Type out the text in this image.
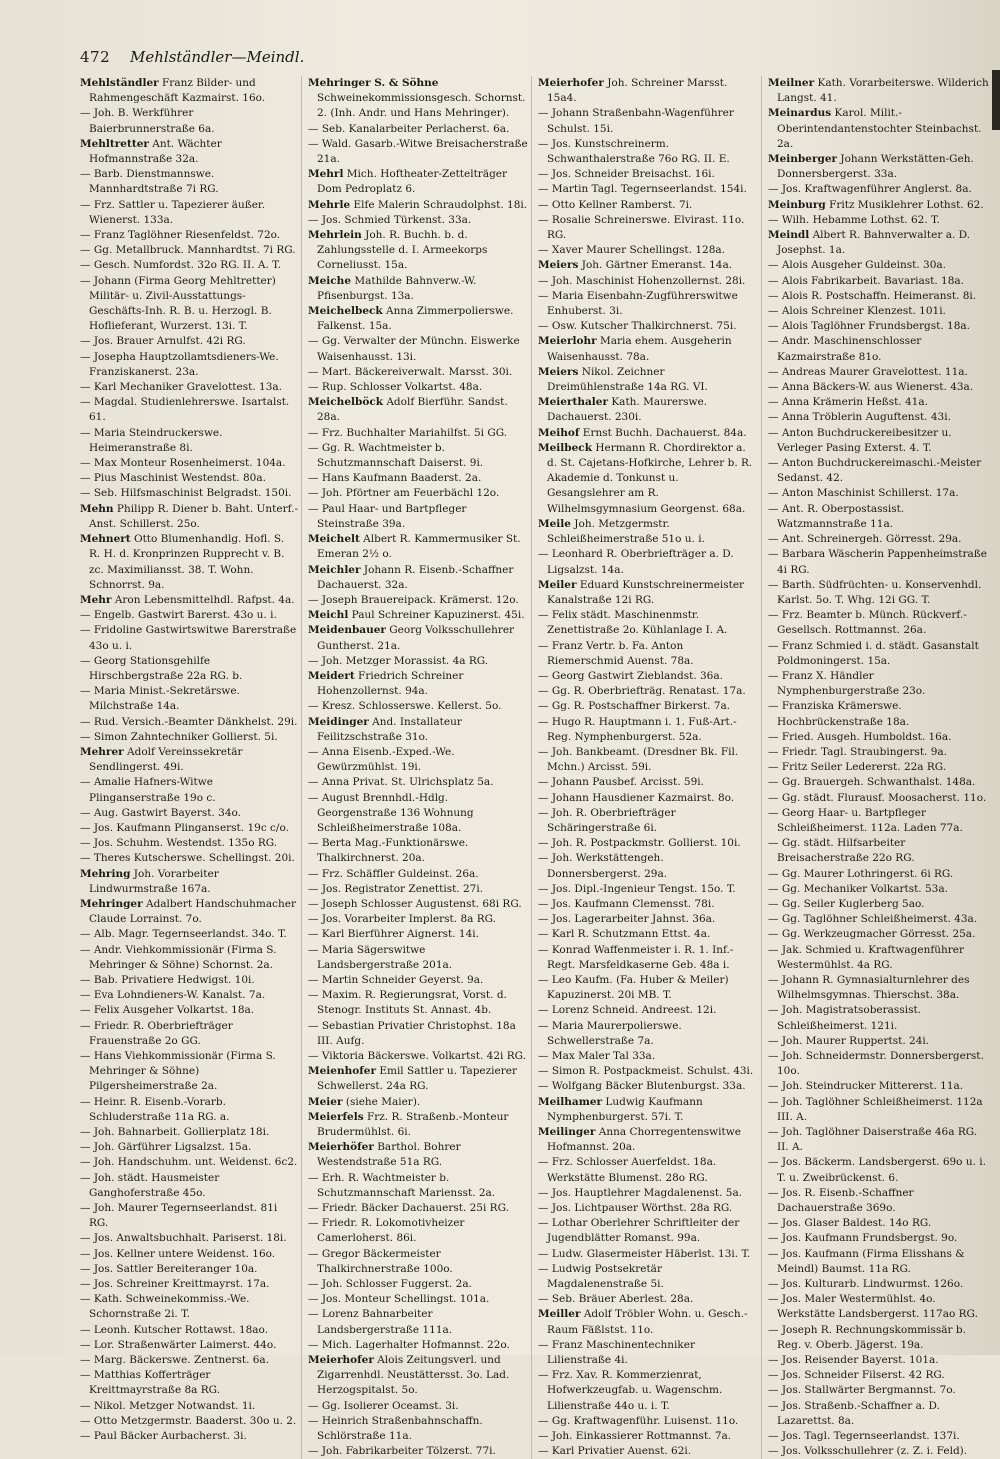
472 Mehlständler—Meindl.

Mehlständler Franz Bilder- und Rahmengeschäft Kazmairst. 16o.

— Joh. B. Werkführer Baierbrunnerstraße 6a.

Mehltretter Ant. Wächter Hofmannstraße 32a.

— Barb. Dienstmannswe. Mannhardtstraße 7i RG.

— Frz. Sattler u. Tapezierer äußer. Wienerst. 133a.

— Franz Taglöhner Riesenfeldst. 72o.

— Gg. Metallbruck. Mannhardtst. 7i RG.

— Gesch. Numfordst. 32o RG. II. A. T.

— Johann (Firma Georg Mehltretter) Militär- u. Zivil-Ausstattungs-Geschäfts-Inh. R. B. u. Herzogl. B. Hoflieferant, Wurzerst. 13i. T.

— Jos. Brauer Arnulfst. 42i RG.

— Josepha Hauptzollamtsdieners-We. Franziskanerst. 23a.

— Karl Mechaniker Gravelottest. 13a.

— Magdal. Studienlehrerswe. Isartalst. 61.

— Maria Steindruckerswe. Heimeranstraße 8i.

— Max Monteur Rosenheimerst. 104a.

— Pius Maschinist Westendst. 80a.

— Seb. Hilfsmaschinist Belgradst. 150i.

Mehn Philipp R. Diener b. Baht. Unterf.-Anst. Schillerst. 25o.

Mehnert Otto Blumenhandlg. Hofl. S. R. H. d. Kronprinzen Rupprecht v. B. zc. Maximiliansst. 38. T. Wohn. Schnorrst. 9a.

Mehr Aron Lebensmittelhdl. Rafpst. 4a.

— Engelb. Gastwirt Barerst. 43o u. i.

— Fridoline Gastwirtswitwe Barerstraße 43o u. i.

— Georg Stationsgehilfe Hirschbergstraße 22a RG. b.

— Maria Minist.-Sekretärswe. Milchstraße 14a.

— Rud. Versich.-Beamter Dänkhelst. 29i.

— Simon Zahntechniker Gollierst. 5i.

Mehrer Adolf Vereinssekretär Sendlingerst. 49i.

— Amalie Hafners-Witwe Plinganserstraße 19o c.

— Aug. Gastwirt Bayerst. 34o.

— Jos. Kaufmann Plinganserst. 19c c/o.

— Jos. Schuhm. Westendst. 135o RG.

— Theres Kutscherswe. Schellingst. 20i.

Mehring Joh. Vorarbeiter Lindwurmstraße 167a.

Mehringer Adalbert Handschuhmacher Claude Lorrainst. 7o.

— Alb. Magr. Tegernseerlandst. 34o. T.

— Andr. Viehkommissionär (Firma S. Mehringer & Söhne) Schornst. 2a.

— Bab. Privatiere Hedwigst. 10i.

— Eva Lohndieners-W. Kanalst. 7a.

— Felix Ausgeher Volkartst. 18a.

— Friedr. R. Oberbriefträger Frauenstraße 2o GG.

— Hans Viehkommissionär (Firma S. Mehringer & Söhne) Pilgersheimerstraße 2a.

— Heinr. R. Eisenb.-Vorarb. Schluderstraße 11a RG. a.

— Joh. Bahnarbeit. Gollierplatz 18i.

— Joh. Gärführer Ligsalzst. 15a.

— Joh. Handschuhm. unt. Weidenst. 6c2.

— Joh. städt. Hausmeister Ganghoferstraße 45o.

— Joh. Maurer Tegernseerlandst. 81i RG.

— Jos. Anwaltsbuchhalt. Pariserst. 18i.

— Jos. Kellner untere Weidenst. 16o.

— Jos. Sattler Bereiteranger 10a.

— Jos. Schreiner Kreittmayrst. 17a.

— Kath. Schweinekommiss.-We. Schornstraße 2i. T.

— Leonh. Kutscher Rottawst. 18ao.

— Lor. Straßenwärter Laimerst. 44o.

— Marg. Bäckerswe. Zentnerst. 6a.

— Matthias Kofferträger Kreittmayrstraße 8a RG.

— Nikol. Metzger Notwandst. 1i.

— Otto Metzgermstr. Baaderst. 30o u. 2.

— Paul Bäcker Aurbacherst. 3i.

Mehringer S. & Söhne Schweinekommissionsgesch. Schornst. 2. (Inh. Andr. und Hans Mehringer).

— Seb. Kanalarbeiter Perlacherst. 6a.

— Wald. Gasarb.-Witwe Breisacherstraße 21a.

Mehrl Mich. Hoftheater-Zettelträger Dom Pedroplatz 6.

Mehrle Elfe Malerin Schraudolphst. 18i.

— Jos. Schmied Türkenst. 33a.

Mehrlein Joh. R. Buchh. b. d. Zahlungsstelle d. I. Armeekorps Corneliusst. 15a.

Meiche Mathilde Bahnverw.-W. Pfisenburgst. 13a.

Meichelbeck Anna Zimmerpolierswe. Falkenst. 15a.

— Gg. Verwalter der Münchn. Eiswerke Waisenhausst. 13i.

— Mart. Bäckereiverwalt. Marsst. 30i.

— Rup. Schlosser Volkartst. 48a.

Meichelböck Adolf Bierführ. Sandst. 28a.

— Frz. Buchhalter Mariahilfst. 5i GG.

— Gg. R. Wachtmeister b. Schutzmannschaft Daiserst. 9i.

— Hans Kaufmann Baaderst. 2a.

— Joh. Pförtner am Feuerbächl 12o.

— Paul Haar- und Bartpfleger Steinstraße 39a.

Meichelt Albert R. Kammermusiker St. Emeran 2½ o.

Meichler Johann R. Eisenb.-Schaffner Dachauerst. 32a.

— Joseph Brauereipack. Krämerst. 12o.

Meichl Paul Schreiner Kapuzinerst. 45i.

Meidenbauer Georg Volksschullehrer Guntherst. 21a.

— Joh. Metzger Morassist. 4a RG.

Meidert Friedrich Schreiner Hohenzollernst. 94a.

— Kresz. Schlosserswe. Kellerst. 5o.

Meidinger And. Installateur Feilitzschstraße 31o.

— Anna Eisenb.-Exped.-We. Gewürzmühlst. 19i.

— Anna Privat. St. Ulrichsplatz 5a.

— August Brennhdl.-Hdlg. Georgenstraße 136 Wohnung Schleißheimerstraße 108a.

— Berta Mag.-Funktionärswe. Thalkirchnerst. 20a.

— Frz. Schäffler Guldeinst. 26a.

— Jos. Registrator Zenettist. 27i.

— Joseph Schlosser Augustenst. 68i RG.

— Jos. Vorarbeiter Implerst. 8a RG.

— Karl Bierführer Aignerst. 14i.

— Maria Sägerswitwe Landsbergerstraße 201a.

— Martin Schneider Geyerst. 9a.

— Maxim. R. Regierungsrat, Vorst. d. Stenogr. Instituts St. Annast. 4b.

— Sebastian Privatier Christophst. 18a III. Aufg.

— Viktoria Bäckerswe. Volkartst. 42i RG.

Meienhofer Emil Sattler u. Tapezierer Schwellerst. 24a RG.

Meier (siehe Maier).

Meierfels Frz. R. Straßenb.-Monteur Brudermühlst. 6i.

Meierhöfer Barthol. Bohrer Westendstraße 51a RG.

— Erh. R. Wachtmeister b. Schutzmannschaft Mariensst. 2a.

— Friedr. Bäcker Dachauerst. 25i RG.

— Friedr. R. Lokomotivheizer Camerloherst. 86i.

— Gregor Bäckermeister Thalkirchnerstraße 100o.

— Joh. Schlosser Fuggerst. 2a.

— Jos. Monteur Schellingst. 101a.

— Lorenz Bahnarbeiter Landsbergerstraße 111a.

— Mich. Lagerhalter Hofmannst. 22o.

Meierhofer Alois Zeitungsverl. und Zigarrenhdl. Neustättersst. 3o. Lad. Herzogspitalst. 5o.

— Gg. Isolierer Oceamst. 3i.

— Heinrich Straßenbahnschaffn. Schlörstraße 11a.

— Joh. Fabrikarbeiter Tölzerst. 77i.

Meierhofer Joh. Schreiner Marsst. 15a4.

— Johann Straßenbahn-Wagenführer Schulst. 15i.

— Jos. Kunstschreinerm. Schwanthalerstraße 76o RG. II. E.

— Jos. Schneider Breisachst. 16i.

— Martin Tagl. Tegernseerlandst. 154i.

— Otto Kellner Ramberst. 7i.

— Rosalie Schreinerswe. Elvirast. 11o. RG.

— Xaver Maurer Schellingst. 128a.

Meiers Joh. Gärtner Emeranst. 14a.

— Joh. Maschinist Hohenzollernst. 28i.

— Maria Eisenbahn-Zugführerswitwe Enhuberst. 3i.

— Osw. Kutscher Thalkirchnerst. 75i.

Meierlohr Maria ehem. Ausgeherin Waisenhausst. 78a.

Meiers Nikol. Zeichner Dreimühlenstraße 14a RG. VI.

Meierthaler Kath. Maurerswe. Dachauerst. 230i.

Meihof Ernst Buchh. Dachauerst. 84a.

Meilbeck Hermann R. Chordirektor a. d. St. Cajetans-Hofkirche, Lehrer b. R. Akademie d. Tonkunst u. Gesangslehrer am R. Wilhelmsgymnasium Georgenst. 68a.

Meile Joh. Metzgermstr. Schleißheimerstraße 51o u. i.

— Leonhard R. Oberbriefträger a. D. Ligsalzst. 14a.

Meiler Eduard Kunstschreinermeister Kanalstraße 12i RG.

— Felix städt. Maschinenmstr. Zenettistraße 2o. Kühlanlage I. A.

— Franz Vertr. b. Fa. Anton Riemerschmid Auenst. 78a.

— Georg Gastwirt Zieblandst. 36a.

— Gg. R. Oberbriefträg. Renatast. 17a.

— Gg. R. Postschaffner Birkerst. 7a.

— Hugo R. Hauptmann i. 1. Fuß-Art.-Reg. Nymphenburgerst. 52a.

— Joh. Bankbeamt. (Dresdner Bk. Fil. Mchn.) Arcisst. 59i.

— Johann Pausbef. Arcisst. 59i.

— Johann Hausdiener Kazmairst. 8o.

— Joh. R. Oberbriefträger Schäringerstraße 6i.

— Joh. R. Postpackmstr. Gollierst. 10i.

— Joh. Werkstättengeh. Donnersbergerst. 29a.

— Jos. Dipl.-Ingenieur Tengst. 15o. T.

— Jos. Kaufmann Clemensst. 78i.

— Jos. Lagerarbeiter Jahnst. 36a.

— Karl R. Schutzmann Ettst. 4a.

— Konrad Waffenmeister i. R. 1. Inf.-Regt. Marsfeldkaserne Geb. 48a i.

— Leo Kaufm. (Fa. Huber & Meiler) Kapuzinerst. 20i MB. T.

— Lorenz Schneid. Andreest. 12i.

— Maria Maurerpolierswe. Schwellerstraße 7a.

— Max Maler Tal 33a.

— Simon R. Postpackmeist. Schulst. 43i.

— Wolfgang Bäcker Blutenburgst. 33a.

Meilhamer Ludwig Kaufmann Nymphenburgerst. 57i. T.

Meilinger Anna Chorregentenswitwe Hofmannst. 20a.

— Frz. Schlosser Auerfeldst. 18a. Werkstätte Blumenst. 28o RG.

— Jos. Hauptlehrer Magdalenenst. 5a.

— Jos. Lichtpauser Wörthst. 28a RG.

— Lothar Oberlehrer Schriftleiter der Jugendblätter Romanst. 99a.

— Ludw. Glasermeister Häberlst. 13i. T.

— Ludwig Postsekretär Magdalenenstraße 5i.

— Seb. Bräuer Aberlest. 28a.

Meiller Adolf Tröbler Wohn. u. Gesch.-Raum Fäßlstst. 11o.

— Franz Maschinentechniker Lilienstraße 4i.

— Frz. Xav. R. Kommerzienrat, Hofwerkzeugfab. u. Wagenschm. Lilienstraße 44o u. i. T.

— Gg. Kraftwagenführ. Luisenst. 11o.

— Joh. Einkassierer Rottmannst. 7a.

— Karl Privatier Auenst. 62i.

Meilner Kath. Vorarbeiterswe. Wilderich Langst. 41.

Meinardus Karol. Milit.-Oberintendantenstochter Steinbachst. 2a.

Meinberger Johann Werkstätten-Geh. Donnersbergerst. 33a.

— Jos. Kraftwagenführer Anglerst. 8a.

Meinburg Fritz Musiklehrer Lothst. 62.

— Wilh. Hebamme Lothst. 62. T.

Meindl Albert R. Bahnverwalter a. D. Josephst. 1a.

— Alois Ausgeher Guldeinst. 30a.

— Alois Fabrikarbeit. Bavariast. 18a.

— Alois R. Postschaffn. Heimeranst. 8i.

— Alois Schreiner Klenzest. 101i.

— Alois Taglöhner Frundsbergst. 18a.

— Andr. Maschinenschlosser Kazmairstraße 81o.

— Andreas Maurer Gravelottest. 11a.

— Anna Bäckers-W. aus Wienerst. 43a.

— Anna Krämerin Heßst. 41a.

— Anna Tröblerin Auguftenst. 43i.

— Anton Buchdruckereibesitzer u. Verleger Pasing Exterst. 4. T.

— Anton Buchdruckereimaschi.-Meister Sedanst. 42.

— Anton Maschinist Schillerst. 17a.

— Ant. R. Oberpostassist. Watzmannstraße 11a.

— Ant. Schreinergeh. Görresst. 29a.

— Barbara Wäscherin Pappenheimstraße 4i RG.

— Barth. Südfrüchten- u. Konservenhdl. Karlst. 5o. T. Whg. 12i GG. T.

— Frz. Beamter b. Münch. Rückverf.-Gesellsch. Rottmannst. 26a.

— Franz Schmied i. d. städt. Gasanstalt Poldmoningerst. 15a.

— Franz X. Händler Nymphenburgerstraße 23o.

— Franziska Krämerswe. Hochbrückenstraße 18a.

— Fried. Ausgeh. Humboldst. 16a.

— Friedr. Tagl. Straubingerst. 9a.

— Fritz Seiler Ledererst. 22a RG.

— Gg. Brauergeh. Schwanthalst. 148a.

— Gg. städt. Flurausf. Moosacherst. 11o.

— Georg Haar- u. Bartpfleger Schleißheimerst. 112a. Laden 77a.

— Gg. städt. Hilfsarbeiter Breisacherstraße 22o RG.

— Gg. Maurer Lothringerst. 6i RG.

— Gg. Mechaniker Volkartst. 53a.

— Gg. Seiler Kuglerberg 5ao.

— Gg. Taglöhner Schleißheimerst. 43a.

— Gg. Werkzeugmacher Görresst. 25a.

— Jak. Schmied u. Kraftwagenführer Westermühlst. 4a RG.

— Johann R. Gymnasialturnlehrer des Wilhelmsgymnas. Thierschst. 38a.

— Joh. Magistratsoberassist. Schleißheimerst. 121i.

— Joh. Maurer Ruppertst. 24i.

— Joh. Schneidermstr. Donnersbergerst. 10o.

— Joh. Steindrucker Mittererst. 11a.

— Joh. Taglöhner Schleißheimerst. 112a III. A.

— Joh. Taglöhner Daiserstraße 46a RG. II. A.

— Jos. Bäckerm. Landsbergerst. 69o u. i. T. u. Zweibrückenst. 6.

— Jos. R. Eisenb.-Schaffner Dachauerstraße 369o.

— Jos. Glaser Baldest. 14o RG.

— Jos. Kaufmann Frundsbergst. 9o.

— Jos. Kaufmann (Firma Elisshans & Meindl) Baumst. 11a RG.

— Jos. Kulturarb. Lindwurmst. 126o.

— Jos. Maler Westermühlst. 4o. Werkstätte Landsbergerst. 117ao RG.

— Joseph R. Rechnungskommissär b. Reg. v. Oberb. Jägerst. 19a.

— Jos. Reisender Bayerst. 101a.

— Jos. Schneider Filserst. 42 RG.

— Jos. Stallwärter Bergmannst. 7o.

— Jos. Straßenb.-Schaffner a. D. Lazarettst. 8a.

— Jos. Tagl. Tegernseerlandst. 137i.

— Jos. Volksschullehrer (z. Z. i. Feld).
